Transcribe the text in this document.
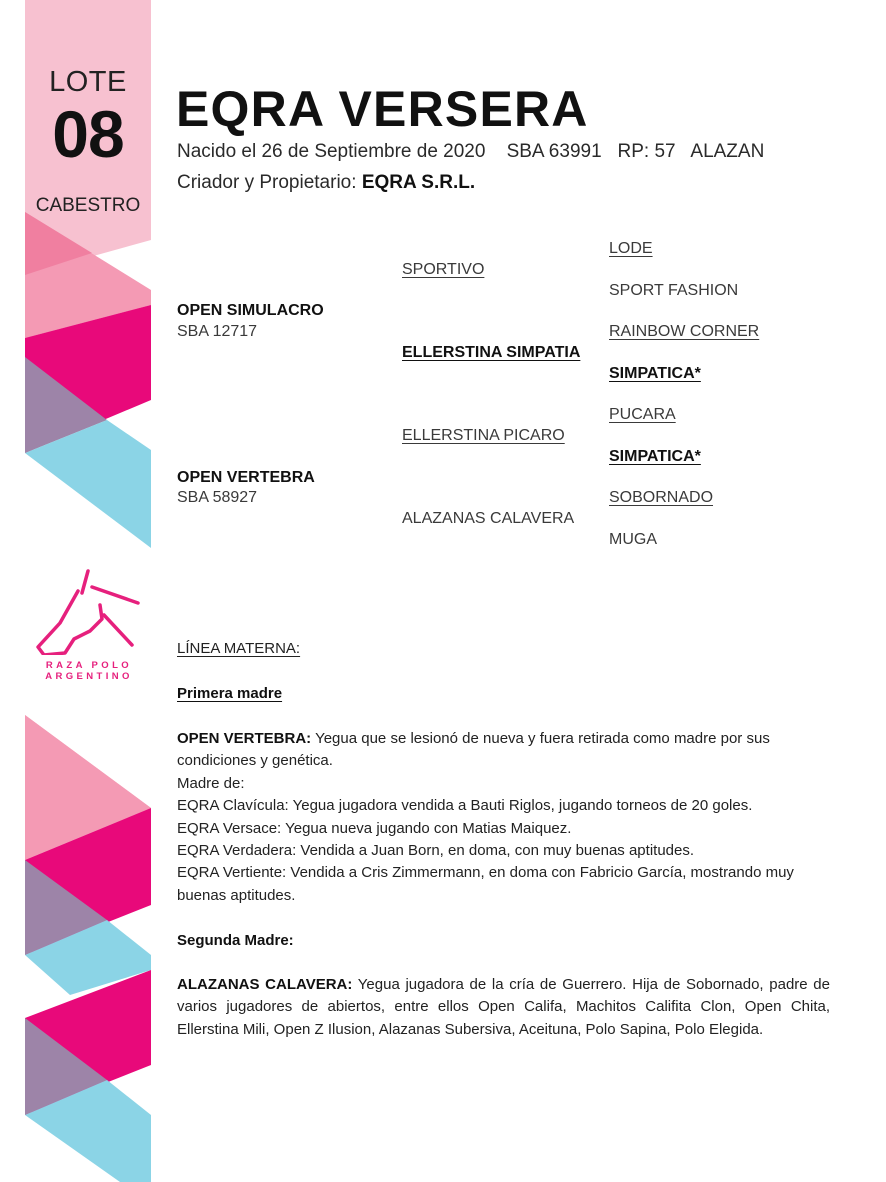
LOTE
08
CABESTRO
RAZA POLO
ARGENTINO
EQRA VERSERA
Nacido el 26 de Septiembre de 2020 SBA 63991 RP: 57 ALAZAN
Criador y Propietario: EQRA S.R.L.
OPEN SIMULACRO
SBA 12717
OPEN VERTEBRA
SBA 58927
SPORTIVO
ELLERSTINA SIMPATIA
ELLERSTINA PICARO
ALAZANAS CALAVERA
LODE
SPORT FASHION
RAINBOW CORNER
SIMPATICA*
PUCARA
SIMPATICA*
SOBORNADO
MUGA
LÍNEA MATERNA:
Primera madre
OPEN VERTEBRA: Yegua que se lesionó de nueva y fuera retirada como madre por sus condiciones y genética.
Madre de:
EQRA Clavícula: Yegua jugadora vendida a Bauti Riglos, jugando torneos de 20 goles.
EQRA Versace: Yegua nueva jugando con Matias Maiquez.
EQRA Verdadera: Vendida a Juan Born, en doma, con muy buenas aptitudes.
EQRA Vertiente: Vendida a Cris Zimmermann, en doma con Fabricio García, mostrando muy buenas aptitudes.
Segunda Madre:
ALAZANAS CALAVERA: Yegua jugadora de la cría de Guerrero. Hija de Sobornado, padre de varios jugadores de abiertos, entre ellos Open Califa, Machitos Califita Clon, Open Chita, Ellerstina Mili, Open Z Ilusion, Alazanas Subersiva, Aceituna, Polo Sapina, Polo Elegida.
